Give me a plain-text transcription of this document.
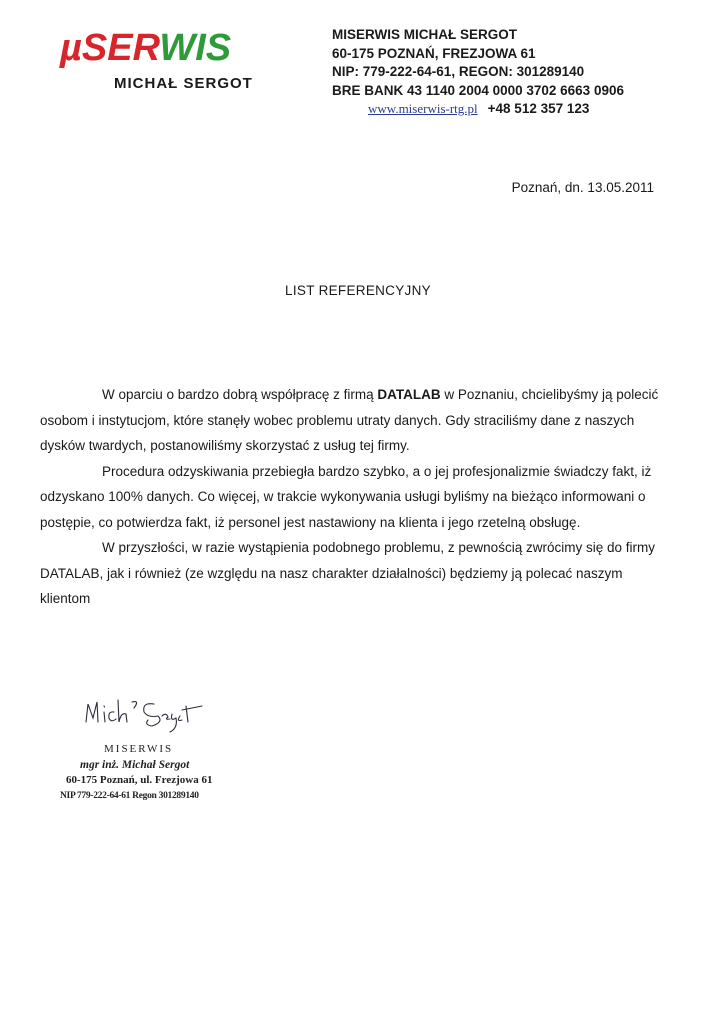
µSERWIS
MICHAŁ SERGOT
MISERWIS MICHAŁ SERGOT
60-175 POZNAŃ, FREZJOWA 61
NIP: 779-222-64-61, REGON: 301289140
BRE BANK 43 1140 2004 0000 3702 6663 0906
www.miserwis-rtg.pl +48 512 357 123
Poznań, dn. 13.05.2011
LIST REFERENCYJNY

W oparciu o bardzo dobrą współpracę z firmą DATALAB w Poznaniu, chcielibyśmy ją polecić osobom i instytucjom, które stanęły wobec problemu utraty danych. Gdy straciliśmy dane z naszych dysków twardych, postanowiliśmy skorzystać z usług tej firmy.

Procedura odzyskiwania przebiegła bardzo szybko, a o jej profesjonalizmie świadczy fakt, iż odzyskano 100% danych. Co więcej, w trakcie wykonywania usługi byliśmy na bieżąco informowani o postępie, co potwierdza fakt, iż personel jest nastawiony na klienta i jego rzetelną obsługę.

W przyszłości, w razie wystąpienia podobnego problemu, z pewnością zwrócimy się do firmy DATALAB, jak i również (ze względu na nasz charakter działalności) będziemy ją polecać naszym klientom

MISERWIS
mgr inż. Michał Sergot
60-175 Poznań, ul. Frezjowa 61
NIP 779-222-64-61 Regon 301289140
